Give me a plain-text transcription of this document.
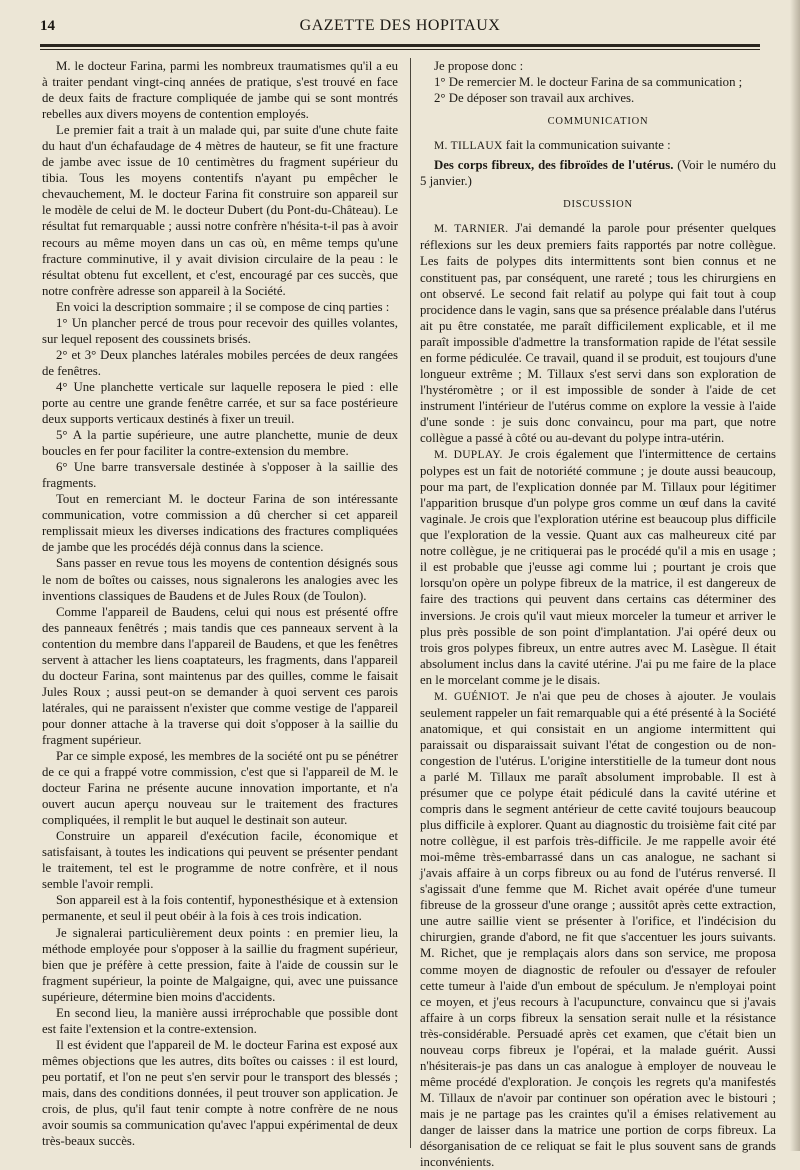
14	GAZETTE DES HOPITAUX

M. le docteur Farina, parmi les nombreux traumatismes qu'il a eu à traiter pendant vingt-cinq années de pratique, s'est trouvé en face de deux faits de fracture compliquée de jambe qui se sont montrés rebelles aux divers moyens de contention employés.

Le premier fait a trait à un malade qui, par suite d'une chute faite du haut d'un échafaudage de 4 mètres de hauteur, se fit une fracture de jambe avec issue de 10 centimètres du fragment supérieur du tibia. Tous les moyens contentifs n'ayant pu empêcher le chevauchement, M. le docteur Farina fit construire son appareil sur le modèle de celui de M. le docteur Dubert (du Pont-du-Château). Le résultat fut remarquable ; aussi notre confrère n'hésita-t-il pas à avoir recours au même moyen dans un cas où, en même temps qu'une fracture comminutive, il y avait division circulaire de la peau : le résultat obtenu fut excellent, et c'est, encouragé par ces succès, que notre confrère adresse son appareil à la Société.

En voici la description sommaire ; il se compose de cinq parties :

1° Un plancher percé de trous pour recevoir des quilles volantes, sur lequel reposent des coussinets brisés.

2° et 3° Deux planches latérales mobiles percées de deux rangées de fenêtres.

4° Une planchette verticale sur laquelle reposera le pied : elle porte au centre une grande fenêtre carrée, et sur sa face postérieure deux supports verticaux destinés à fixer un treuil.

5° A la partie supérieure, une autre planchette, munie de deux boucles en fer pour faciliter la contre-extension du membre.

6° Une barre transversale destinée à s'opposer à la saillie des fragments.

Tout en remerciant M. le docteur Farina de son intéressante communication, votre commission a dû chercher si cet appareil remplissait mieux les diverses indications des fractures compliquées de jambe que les procédés déjà connus dans la science.

Sans passer en revue tous les moyens de contention désignés sous le nom de boîtes ou caisses, nous signalerons les analogies avec les inventions classiques de Baudens et de Jules Roux (de Toulon).

Comme l'appareil de Baudens, celui qui nous est présenté offre des panneaux fenêtrés ; mais tandis que ces panneaux servent à la contention du membre dans l'appareil de Baudens, et que les fenêtres servent à attacher les liens coaptateurs, les fragments, dans l'appareil du docteur Farina, sont maintenus par des quilles, comme le faisait Jules Roux ; aussi peut-on se demander à quoi servent ces parois latérales, qui ne paraissent n'exister que comme vestige de l'appareil pour donner attache à la traverse qui doit s'opposer à la saillie du fragment supérieur.

Par ce simple exposé, les membres de la société ont pu se pénétrer de ce qui a frappé votre commission, c'est que si l'appareil de M. le docteur Farina ne présente aucune innovation importante, et n'a ouvert aucun aperçu nouveau sur le traitement des fractures compliquées, il remplit le but auquel le destinait son auteur.

Construire un appareil d'exécution facile, économique et satisfaisant, à toutes les indications qui peuvent se présenter pendant le traitement, tel est le programme de notre confrère, et il nous semble l'avoir rempli.

Son appareil est à la fois contentif, hyponesthésique et à extension permanente, et seul il peut obéir à la fois à ces trois indication.

Je signalerai particulièrement deux points : en premier lieu, la méthode employée pour s'opposer à la saillie du fragment supérieur, bien que je préfère à cette pression, faite à l'aide de coussin sur le fragment supérieur, la pointe de Malgaigne, qui, avec une puissance supérieure, détermine bien moins d'accidents.

En second lieu, la manière aussi irréprochable que possible dont est faite l'extension et la contre-extension.

Il est évident que l'appareil de M. le docteur Farina est exposé aux mêmes objections que les autres, dits boîtes ou caisses : il est lourd, peu portatif, et l'on ne peut s'en servir pour le transport des blessés ; mais, dans des conditions données, il peut trouver son application. Je crois, de plus, qu'il faut tenir compte à notre confrère de ne nous avoir soumis sa communication qu'avec l'appui expérimental de deux très-beaux succès.

Je propose donc :

1° De remercier M. le docteur Farina de sa communication ;

2° De déposer son travail aux archives.

COMMUNICATION

M. TILLAUX fait la communication suivante :

Des corps fibreux, des fibroïdes de l'utérus. (Voir le numéro du 5 janvier.)

DISCUSSION

M. TARNIER. J'ai demandé la parole pour présenter quelques réflexions sur les deux premiers faits rapportés par notre collègue. Les faits de polypes dits intermittents sont bien connus et ne constituent pas, par conséquent, une rareté ; tous les chirurgiens en ont observé. Le second fait relatif au polype qui fait tout à coup procidence dans le vagin, sans que sa présence préalable dans l'utérus ait pu être constatée, me paraît difficilement explicable, et il me paraît impossible d'admettre la transformation rapide de l'état sessile en forme pédiculée. Ce travail, quand il se produit, est toujours d'une longueur extrême ; M. Tillaux s'est servi dans son exploration de l'hystéromètre ; or il est impossible de sonder à l'aide de cet instrument l'intérieur de l'utérus comme on explore la vessie à l'aide d'une sonde : je suis donc convaincu, pour ma part, que notre collègue a passé à côté ou au-devant du polype intra-utérin.

M. DUPLAY. Je crois également que l'intermittence de certains polypes est un fait de notoriété commune ; je doute aussi beaucoup, pour ma part, de l'explication donnée par M. Tillaux pour légitimer l'apparition brusque d'un polype gros comme un œuf dans la cavité vaginale. Je crois que l'exploration utérine est beaucoup plus difficile que l'exploration de la vessie. Quant aux cas malheureux cité par notre collègue, je ne critiquerai pas le procédé qu'il a mis en usage ; il est probable que j'eusse agi comme lui ; pourtant je crois que lorsqu'on opère un polype fibreux de la matrice, il est dangereux de faire des tractions qui peuvent dans certains cas déterminer des inversions. Je crois qu'il vaut mieux morceler la tumeur et arriver le plus près possible de son point d'implantation. J'ai opéré deux ou trois gros polypes fibreux, un entre autres avec M. Lasègue. Il était absolument inclus dans la cavité utérine. J'ai pu me faire de la place en le morcelant comme je le disais.

M. GUÉNIOT. Je n'ai que peu de choses à ajouter. Je voulais seulement rappeler un fait remarquable qui a été présenté à la Société anatomique, et qui consistait en un angiome intermittent qui paraissait ou disparaissait suivant l'état de congestion ou de non-congestion de l'utérus. L'origine interstitielle de la tumeur dont nous a parlé M. Tillaux me paraît absolument improbable. Il est à présumer que ce polype était pédiculé dans la cavité utérine et compris dans le segment antérieur de cette cavité toujours beaucoup plus difficile à explorer. Quant au diagnostic du troisième fait cité par notre collègue, il est parfois très-difficile. Je me rappelle avoir été moi-même très-embarrassé dans un cas analogue, ne sachant si j'avais affaire à un corps fibreux ou au fond de l'utérus renversé. Il s'agissait d'une femme que M. Richet avait opérée d'une tumeur fibreuse de la grosseur d'une orange ; aussitôt après cette extraction, une autre saillie vient se présenter à l'orifice, et l'indécision du chirurgien, grande d'abord, ne fit que s'accentuer les jours suivants. M. Richet, que je remplaçais alors dans son service, me proposa comme moyen de diagnostic de refouler ou d'essayer de refouler cette tumeur à l'aide d'un embout de spéculum. Je n'employai point ce moyen, et j'eus recours à l'acupuncture, convaincu que si j'avais affaire à un corps fibreux la sensation serait nulle et la résistance très-considérable. Persuadé après cet examen, que c'était bien un nouveau corps fibreux je l'opérai, et la malade guérit. Aussi n'hésiterais-je pas dans un cas analogue à employer de nouveau le même procédé d'exploration. Je conçois les regrets qu'a manifestés M. Tillaux de n'avoir par continuer son opération avec le bistouri ; mais je ne partage pas les craintes qu'il a émises relativement au danger de laisser dans la matrice une portion de corps fibreux. La désorganisation de ce reliquat se fait le plus souvent sans de grands inconvénients.
